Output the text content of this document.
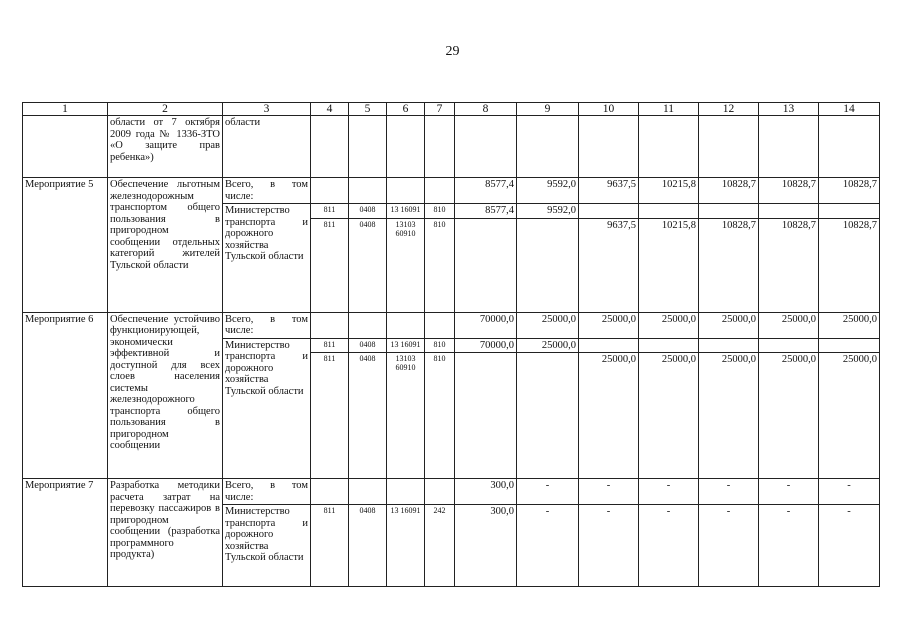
29
1	2	3	4	5	6	7	8	9	10	11	12	13	14
	области от 7 октября 2009 года № 1336-ЗТО «О защите прав ребенка»)	области											
Мероприятие 5	Обеспечение льготным железнодорожным транспортом общего пользования в пригородном сообщении отдельных категорий жителей Тульской области	Всего, в том числе:					8577,4	9592,0	9637,5	10215,8	10828,7	10828,7	10828,7
		Министерство транспорта и дорожного хозяйства Тульской области	811	0408	13 16091	810	8577,4	9592,0					
			811	0408	13103 60910	810			9637,5	10215,8	10828,7	10828,7	10828,7
Мероприятие 6	Обеспечение устойчиво функционирующей, экономически эффективной и доступной для всех слоев населения системы железнодорожного транспорта общего пользования в пригородном сообщении	Всего, в том числе:					70000,0	25000,0	25000,0	25000,0	25000,0	25000,0	25000,0
		Министерство транспорта и дорожного хозяйства Тульской области	811	0408	13 16091	810	70000,0	25000,0					
			811	0408	13103 60910	810			25000,0	25000,0	25000,0	25000,0	25000,0
Мероприятие 7	Разработка методики расчета затрат на перевозку пассажиров в пригородном сообщении (разработка программного продукта)	Всего, в том числе:					300,0	-	-	-	-	-	-
		Министерство транспорта и дорожного хозяйства Тульской области	811	0408	13 16091	242	300,0	-	-	-	-	-	-
